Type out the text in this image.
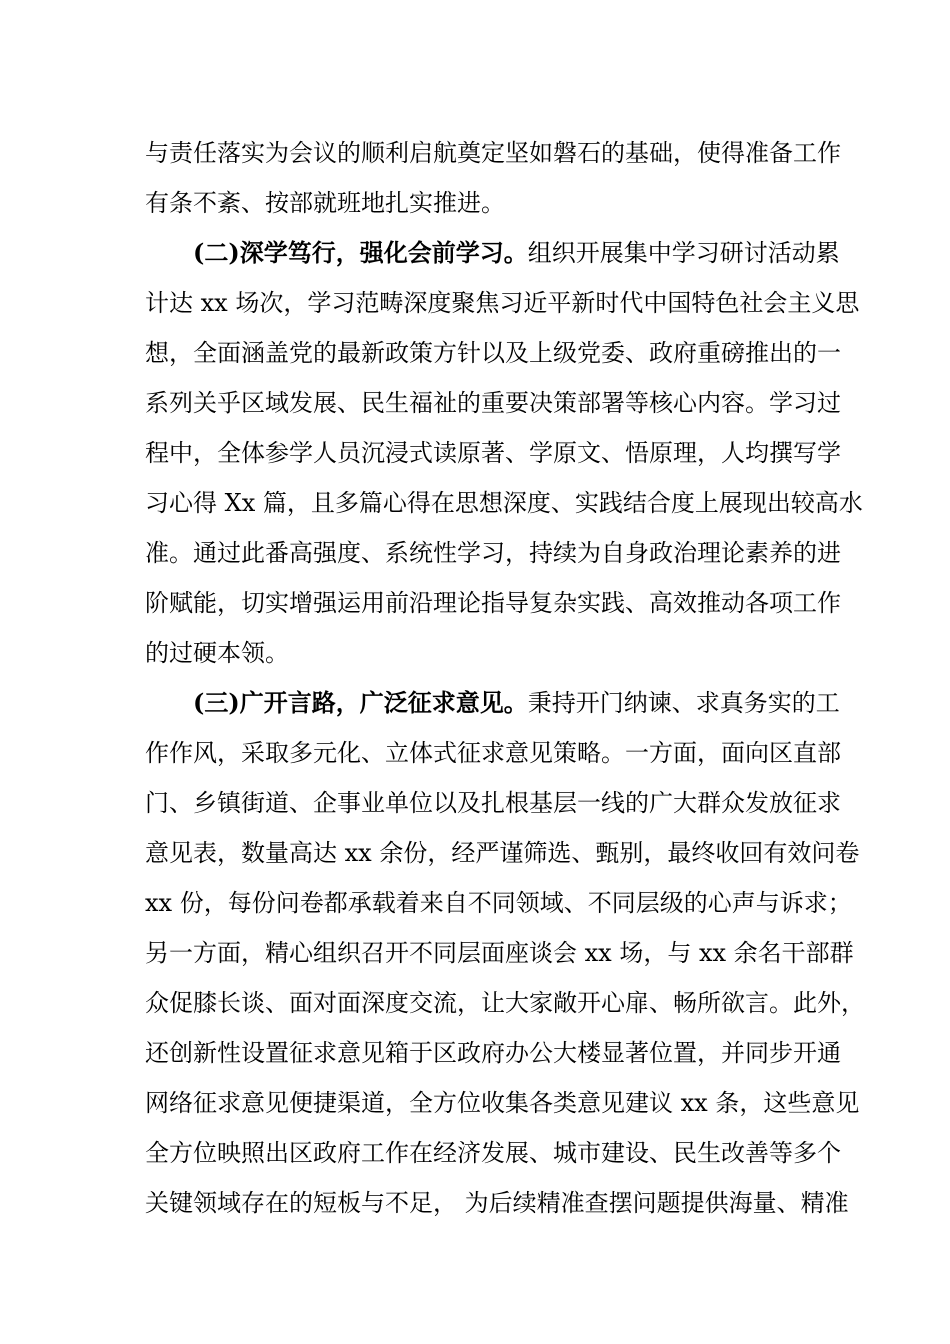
与责任落实为会议的顺利启航奠定坚如磐石的基础，使得准备工作
有条不紊、按部就班地扎实推进。
(二)深学笃行，强化会前学习。组织开展集中学习研讨活动累
计达 xx 场次，学习范畴深度聚焦习近平新时代中国特色社会主义思
想，全面涵盖党的最新政策方针以及上级党委、政府重磅推出的一
系列关乎区域发展、民生福祉的重要决策部署等核心内容。学习过
程中，全体参学人员沉浸式读原著、学原文、悟原理，人均撰写学
习心得 Xx 篇，且多篇心得在思想深度、实践结合度上展现出较高水
准。通过此番高强度、系统性学习，持续为自身政治理论素养的进
阶赋能，切实增强运用前沿理论指导复杂实践、高效推动各项工作
的过硬本领。
(三)广开言路，广泛征求意见。秉持开门纳谏、求真务实的工
作作风，采取多元化、立体式征求意见策略。一方面，面向区直部
门、乡镇街道、企事业单位以及扎根基层一线的广大群众发放征求
意见表，数量高达 xx 余份，经严谨筛选、甄别，最终收回有效问卷
xx 份，每份问卷都承载着来自不同领域、不同层级的心声与诉求；
另一方面，精心组织召开不同层面座谈会 xx 场，与 xx 余名干部群
众促膝长谈、面对面深度交流，让大家敞开心扉、畅所欲言。此外，
还创新性设置征求意见箱于区政府办公大楼显著位置，并同步开通
网络征求意见便捷渠道，全方位收集各类意见建议 xx 条，这些意见
全方位映照出区政府工作在经济发展、城市建设、民生改善等多个
关键领域存在的短板与不足， 为后续精准查摆问题提供海量、精准
